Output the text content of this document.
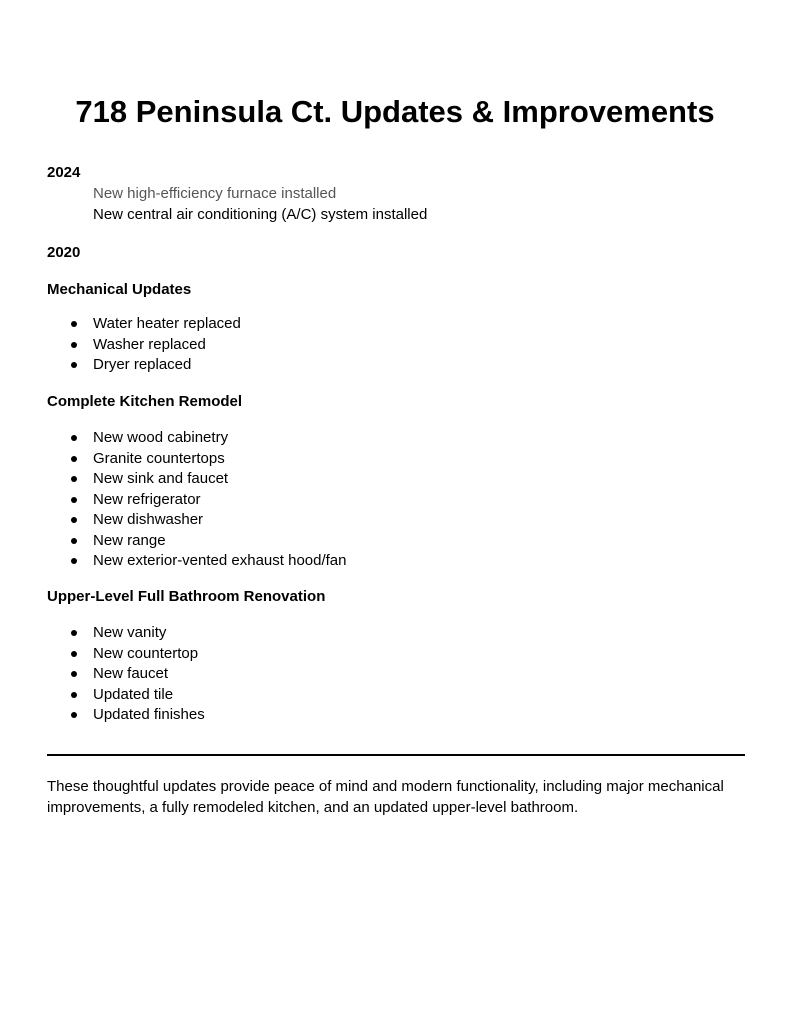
718 Peninsula Ct. Updates & Improvements
2024
New high-efficiency furnace installed
New central air conditioning (A/C) system installed
2020
Mechanical Updates
Water heater replaced
Washer replaced
Dryer replaced
Complete Kitchen Remodel
New wood cabinetry
Granite countertops
New sink and faucet
New refrigerator
New dishwasher
New range
New exterior-vented exhaust hood/fan
Upper-Level Full Bathroom Renovation
New vanity
New countertop
New faucet
Updated tile
Updated finishes

These thoughtful updates provide peace of mind and modern functionality, including major mechanical improvements, a fully remodeled kitchen, and an updated upper-level bathroom.
